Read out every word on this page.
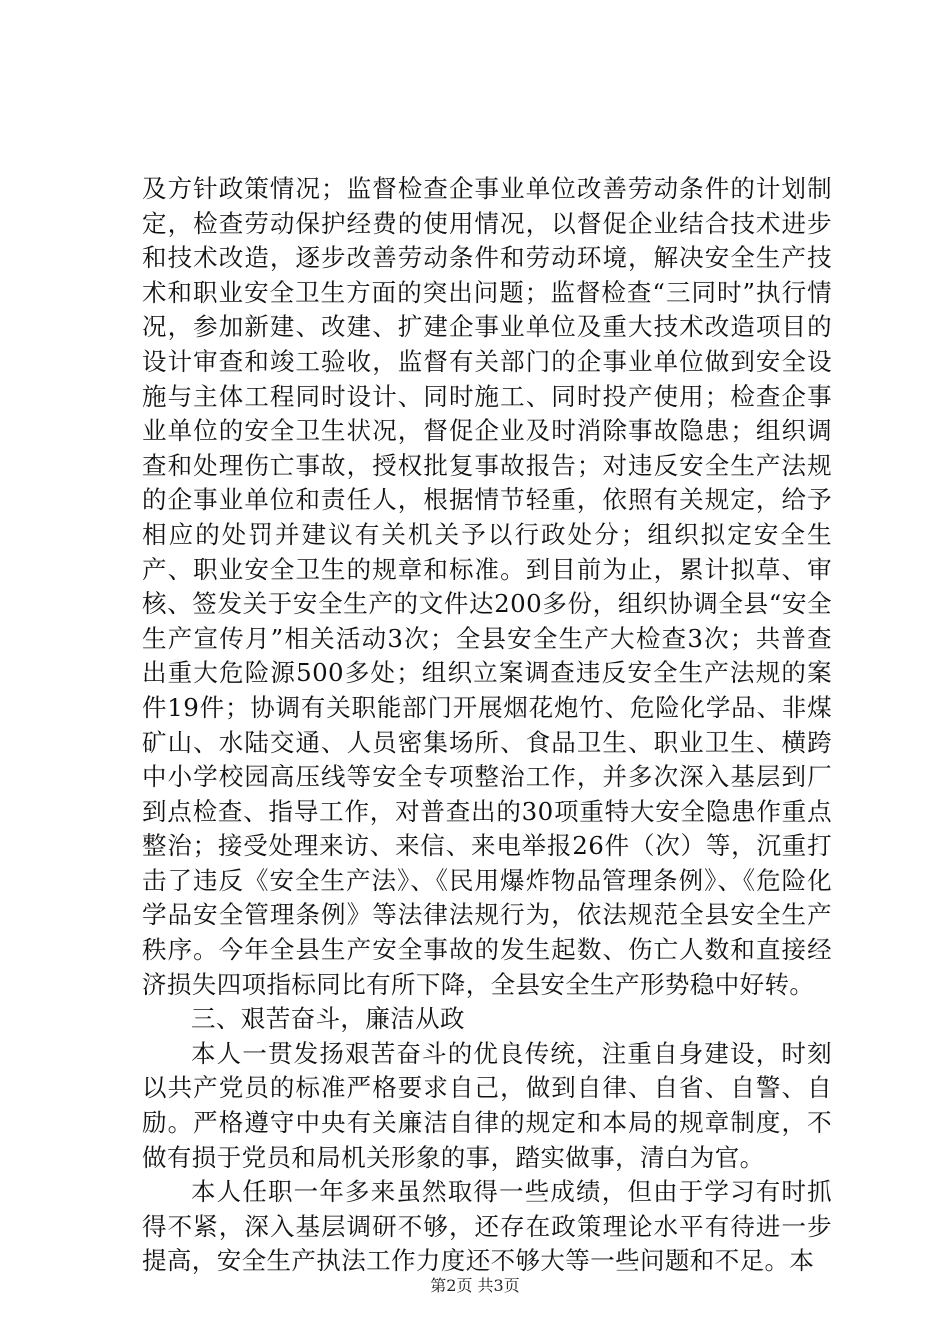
及方针政策情况；监督检查企事业单位改善劳动条件的计划制定，检查劳动保护经费的使用情况，以督促企业结合技术进步和技术改造，逐步改善劳动条件和劳动环境，解决安全生产技术和职业安全卫生方面的突出问题；监督检查“三同时”执行情况，参加新建、改建、扩建企事业单位及重大技术改造项目的设计审查和竣工验收，监督有关部门的企事业单位做到安全设施与主体工程同时设计、同时施工、同时投产使用；检查企事业单位的安全卫生状况，督促企业及时消除事故隐患；组织调查和处理伤亡事故，授权批复事故报告；对违反安全生产法规的企事业单位和责任人，根据情节轻重，依照有关规定，给予相应的处罚并建议有关机关予以行政处分；组织拟定安全生产、职业安全卫生的规章和标准。到目前为止，累计拟草、审核、签发关于安全生产的文件达200多份，组织协调全县“安全生产宣传月”相关活动3次；全县安全生产大检查3次；共普查出重大危险源500多处；组织立案调查违反安全生产法规的案件19件；协调有关职能部门开展烟花炮竹、危险化学品、非煤矿山、水陆交通、人员密集场所、食品卫生、职业卫生、横跨中小学校园高压线等安全专项整治工作，并多次深入基层到厂到点检查、指导工作，对普查出的30项重特大安全隐患作重点整治；接受处理来访、来信、来电举报26件（次）等，沉重打击了违反《安全生产法》、《民用爆炸物品管理条例》、《危险化学品安全管理条例》等法律法规行为，依法规范全县安全生产秩序。今年全县生产安全事故的发生起数、伤亡人数和直接经济损失四项指标同比有所下降，全县安全生产形势稳中好转。

三、艰苦奋斗，廉洁从政

本人一贯发扬艰苦奋斗的优良传统，注重自身建设，时刻以共产党员的标准严格要求自己，做到自律、自省、自警、自励。严格遵守中央有关廉洁自律的规定和本局的规章制度，不做有损于党员和局机关形象的事，踏实做事，清白为官。

本人任职一年多来虽然取得一些成绩，但由于学习有时抓得不紧，深入基层调研不够，还存在政策理论水平有待进一步提高，安全生产执法工作力度还不够大等一些问题和不足。本

第2页 共3页
